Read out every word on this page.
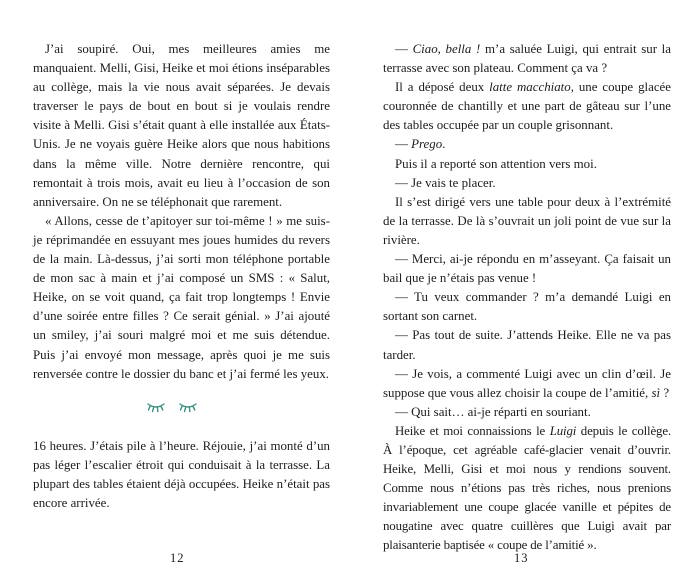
J’ai soupiré. Oui, mes meilleures amies me manquaient. Melli, Gisi, Heike et moi étions inséparables au collège, mais la vie nous avait séparées. Je devais traverser le pays de bout en bout si je voulais rendre visite à Melli. Gisi s’était quant à elle installée aux États-Unis. Je ne voyais guère Heike alors que nous habitions dans la même ville. Notre dernière rencontre, qui remontait à trois mois, avait eu lieu à l’occasion de son anniversaire. On ne se téléphonait que rarement.

« Allons, cesse de t’apitoyer sur toi-même ! » me suis-je réprimandée en essuyant mes joues humides du revers de la main. Là-dessus, j’ai sorti mon téléphone portable de mon sac à main et j’ai composé un SMS : « Salut, Heike, on se voit quand, ça fait trop longtemps ! Envie d’une soirée entre filles ? Ce serait génial. » J’ai ajouté un smiley, j’ai souri malgré moi et me suis détendue. Puis j’ai envoyé mon message, après quoi je me suis renversée contre le dossier du banc et j’ai fermé les yeux.

16 heures. J’étais pile à l’heure. Réjouie, j’ai monté d’un pas léger l’escalier étroit qui conduisait à la terrasse. La plupart des tables étaient déjà occupées. Heike n’était pas encore arrivée.

12

— Ciao, bella ! m’a saluée Luigi, qui entrait sur la terrasse avec son plateau. Comment ça va ?

Il a déposé deux latte macchiato, une coupe glacée couronnée de chantilly et une part de gâteau sur l’une des tables occupée par un couple grisonnant.

— Prego.

Puis il a reporté son attention vers moi.

— Je vais te placer.

Il s’est dirigé vers une table pour deux à l’extrémité de la terrasse. De là s’ouvrait un joli point de vue sur la rivière.

— Merci, ai-je répondu en m’asseyant. Ça faisait un bail que je n’étais pas venue !

— Tu veux commander ? m’a demandé Luigi en sortant son carnet.

— Pas tout de suite. J’attends Heike. Elle ne va pas tarder.

— Je vois, a commenté Luigi avec un clin d’œil. Je suppose que vous allez choisir la coupe de l’amitié, sì ?

— Qui sait… ai-je réparti en souriant.

Heike et moi connaissions le Luigi depuis le collège. À l’époque, cet agréable café-glacier venait d’ouvrir. Heike, Melli, Gisi et moi nous y rendions souvent. Comme nous n’étions pas très riches, nous prenions invariablement une coupe glacée vanille et pépites de nougatine avec quatre cuillères que Luigi avait par plaisanterie baptisée « coupe de l’amitié ».

13
